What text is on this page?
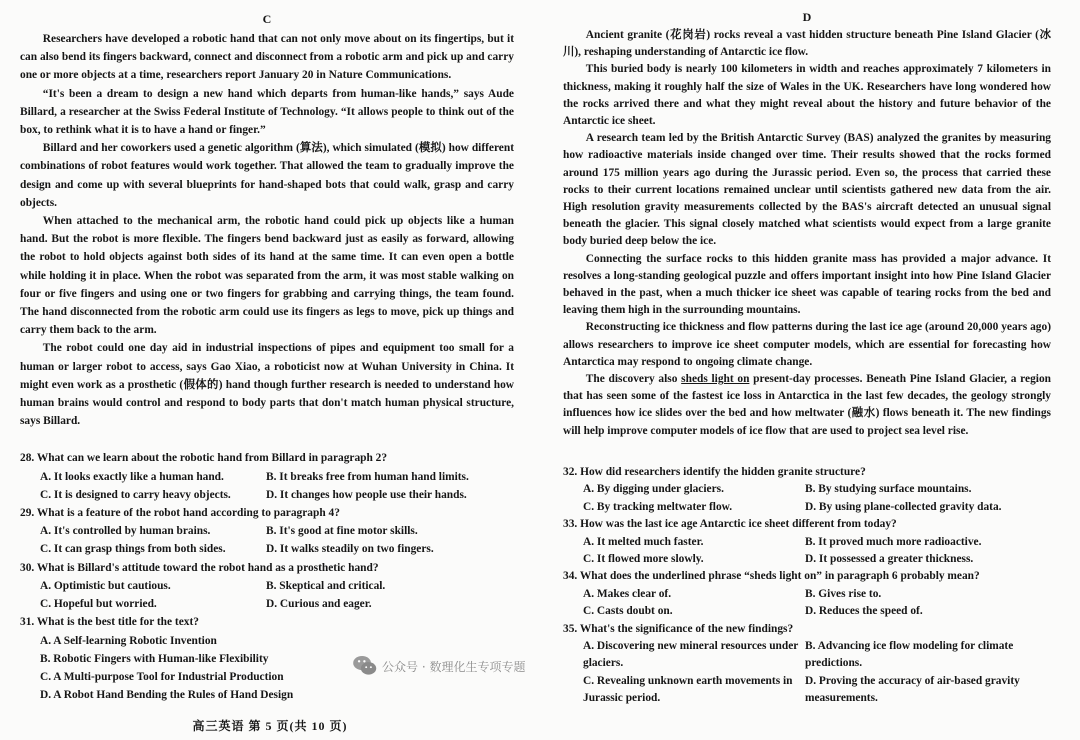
C

Researchers have developed a robotic hand that can not only move about on its fingertips, but it can also bend its fingers backward, connect and disconnect from a robotic arm and pick up and carry one or more objects at a time, researchers report January 20 in Nature Communications.

“It's been a dream to design a new hand which departs from human-like hands,” says Aude Billard, a researcher at the Swiss Federal Institute of Technology. “It allows people to think out of the box, to rethink what it is to have a hand or finger.”

Billard and her coworkers used a genetic algorithm (算法), which simulated (模拟) how different combinations of robot features would work together. That allowed the team to gradually improve the design and come up with several blueprints for hand-shaped bots that could walk, grasp and carry objects.

When attached to the mechanical arm, the robotic hand could pick up objects like a human hand. But the robot is more flexible. The fingers bend backward just as easily as forward, allowing the robot to hold objects against both sides of its hand at the same time. It can even open a bottle while holding it in place. When the robot was separated from the arm, it was most stable walking on four or five fingers and using one or two fingers for grabbing and carrying things, the team found. The hand disconnected from the robotic arm could use its fingers as legs to move, pick up things and carry them back to the arm.

The robot could one day aid in industrial inspections of pipes and equipment too small for a human or larger robot to access, says Gao Xiao, a roboticist now at Wuhan University in China. It might even work as a prosthetic (假体的) hand though further research is needed to understand how human brains would control and respond to body parts that don't match human physical structure, says Billard.

28. What can we learn about the robotic hand from Billard in paragraph 2?

A. It looks exactly like a human hand.	B. It breaks free from human hand limits.
C. It is designed to carry heavy objects.	D. It changes how people use their hands.

29. What is a feature of the robot hand according to paragraph 4?

A. It's controlled by human brains.	B. It's good at fine motor skills.
C. It can grasp things from both sides.	D. It walks steadily on two fingers.

30. What is Billard's attitude toward the robot hand as a prosthetic hand?

A. Optimistic but cautious.	B. Skeptical and critical.
C. Hopeful but worried.	D. Curious and eager.

31. What is the best title for the text?

A. A Self-learning Robotic Invention
B. Robotic Fingers with Human-like Flexibility
C. A Multi-purpose Tool for Industrial Production
D. A Robot Hand Bending the Rules of Hand Design
D

Ancient granite (花岗岩) rocks reveal a vast hidden structure beneath Pine Island Glacier (冰川), reshaping understanding of Antarctic ice flow.

This buried body is nearly 100 kilometers in width and reaches approximately 7 kilometers in thickness, making it roughly half the size of Wales in the UK. Researchers have long wondered how the rocks arrived there and what they might reveal about the history and future behavior of the Antarctic ice sheet.

A research team led by the British Antarctic Survey (BAS) analyzed the granites by measuring how radioactive materials inside changed over time. Their results showed that the rocks formed around 175 million years ago during the Jurassic period. Even so, the process that carried these rocks to their current locations remained unclear until scientists gathered new data from the air. High resolution gravity measurements collected by the BAS's aircraft detected an unusual signal beneath the glacier. This signal closely matched what scientists would expect from a large granite body buried deep below the ice.

Connecting the surface rocks to this hidden granite mass has provided a major advance. It resolves a long-standing geological puzzle and offers important insight into how Pine Island Glacier behaved in the past, when a much thicker ice sheet was capable of tearing rocks from the bed and leaving them high in the surrounding mountains.

Reconstructing ice thickness and flow patterns during the last ice age (around 20,000 years ago) allows researchers to improve ice sheet computer models, which are essential for forecasting how Antarctica may respond to ongoing climate change.

The discovery also sheds light on present-day processes. Beneath Pine Island Glacier, a region that has seen some of the fastest ice loss in Antarctica in the last few decades, the geology strongly influences how ice slides over the bed and how meltwater (融水) flows beneath it. The new findings will help improve computer models of ice flow that are used to project sea level rise.

32. How did researchers identify the hidden granite structure?

A. By digging under glaciers.	B. By studying surface mountains.
C. By tracking meltwater flow.	D. By using plane-collected gravity data.

33. How was the last ice age Antarctic ice sheet different from today?

A. It melted much faster.	B. It proved much more radioactive.
C. It flowed more slowly.	D. It possessed a greater thickness.

34. What does the underlined phrase “sheds light on” in paragraph 6 probably mean?

A. Makes clear of.	B. Gives rise to.
C. Casts doubt on.	D. Reduces the speed of.

35. What's the significance of the new findings?

A. Discovering new mineral resources under glaciers.
B. Advancing ice flow modeling for climate predictions.
C. Revealing unknown earth movements in Jurassic period.
D. Proving the accuracy of air-based gravity measurements.
高三英语 第 5 页(共 10 页)
公众号 · 数理化生专项专题
